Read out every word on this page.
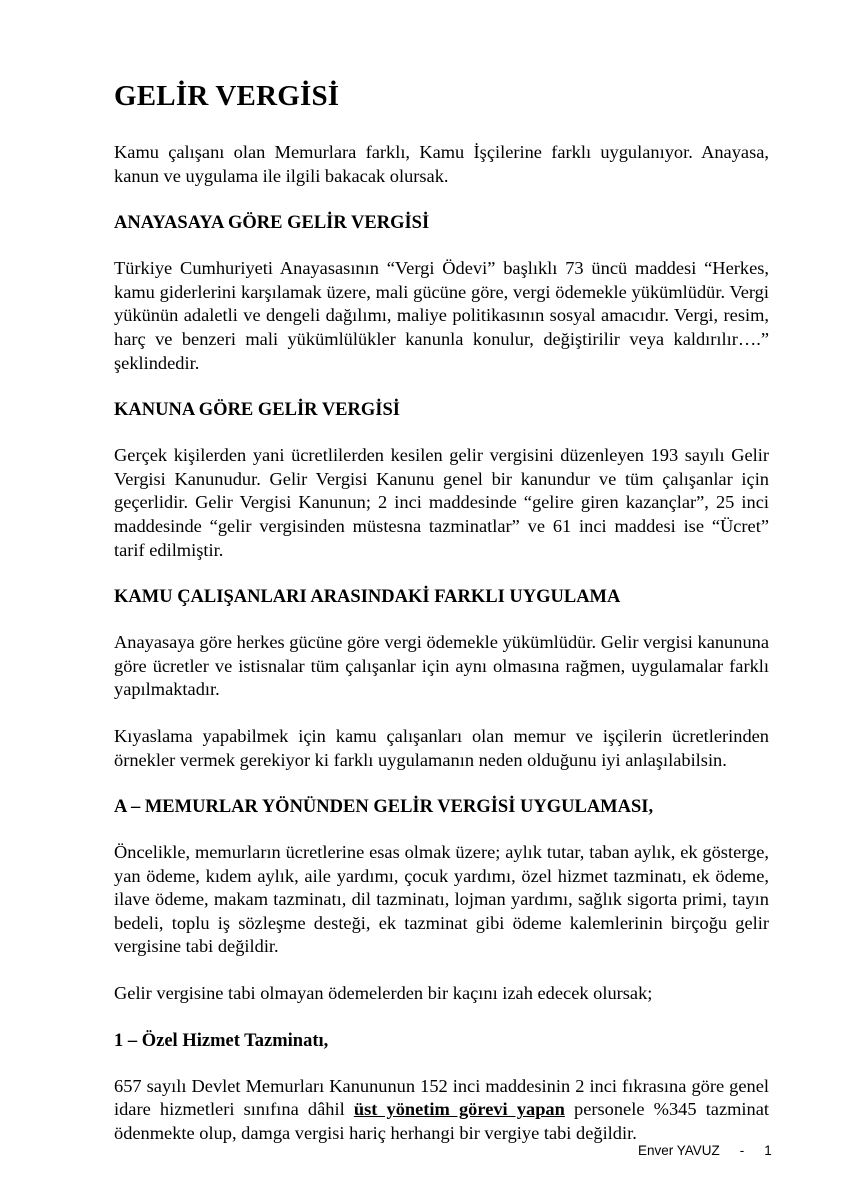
GELİR VERGİSİ

Kamu çalışanı olan Memurlara farklı, Kamu İşçilerine farklı uygulanıyor. Anayasa, kanun ve uygulama ile ilgili bakacak olursak.

ANAYASAYA GÖRE GELİR VERGİSİ

Türkiye Cumhuriyeti Anayasasının “Vergi Ödevi” başlıklı 73 üncü maddesi “Herkes, kamu giderlerini karşılamak üzere, mali gücüne göre, vergi ödemekle yükümlüdür. Vergi yükünün adaletli ve dengeli dağılımı, maliye politikasının sosyal amacıdır. Vergi, resim, harç ve benzeri mali yükümlülükler kanunla konulur, değiştirilir veya kaldırılır….” şeklindedir.

KANUNA GÖRE GELİR VERGİSİ

Gerçek kişilerden yani ücretlilerden kesilen gelir vergisini düzenleyen 193 sayılı Gelir Vergisi Kanunudur. Gelir Vergisi Kanunu genel bir kanundur ve tüm çalışanlar için geçerlidir. Gelir Vergisi Kanunun; 2 inci maddesinde “gelire giren kazançlar”, 25 inci maddesinde “gelir vergisinden müstesna tazminatlar” ve 61 inci maddesi ise “Ücret” tarif edilmiştir.

KAMU ÇALIŞANLARI ARASINDAKİ FARKLI UYGULAMA

Anayasaya göre herkes gücüne göre vergi ödemekle yükümlüdür. Gelir vergisi kanununa göre ücretler ve istisnalar tüm çalışanlar için aynı olmasına rağmen, uygulamalar farklı yapılmaktadır.

Kıyaslama yapabilmek için kamu çalışanları olan memur ve işçilerin ücretlerinden örnekler vermek gerekiyor ki farklı uygulamanın neden olduğunu iyi anlaşılabilsin.

A – MEMURLAR YÖNÜNDEN GELİR VERGİSİ UYGULAMASI,

Öncelikle, memurların ücretlerine esas olmak üzere; aylık tutar, taban aylık, ek gösterge, yan ödeme, kıdem aylık, aile yardımı, çocuk yardımı, özel hizmet tazminatı, ek ödeme, ilave ödeme, makam tazminatı, dil tazminatı, lojman yardımı, sağlık sigorta primi, tayın bedeli, toplu iş sözleşme desteği, ek tazminat gibi ödeme kalemlerinin birçoğu gelir vergisine tabi değildir.

Gelir vergisine tabi olmayan ödemelerden bir kaçını izah edecek olursak;

1 – Özel Hizmet Tazminatı,

657 sayılı Devlet Memurları Kanununun 152 inci maddesinin 2 inci fıkrasına göre genel idare hizmetleri sınıfına dâhil üst yönetim görevi yapan personele %345 tazminat ödenmekte olup, damga vergisi hariç herhangi bir vergiye tabi değildir.

Enver YAVUZ - 1
